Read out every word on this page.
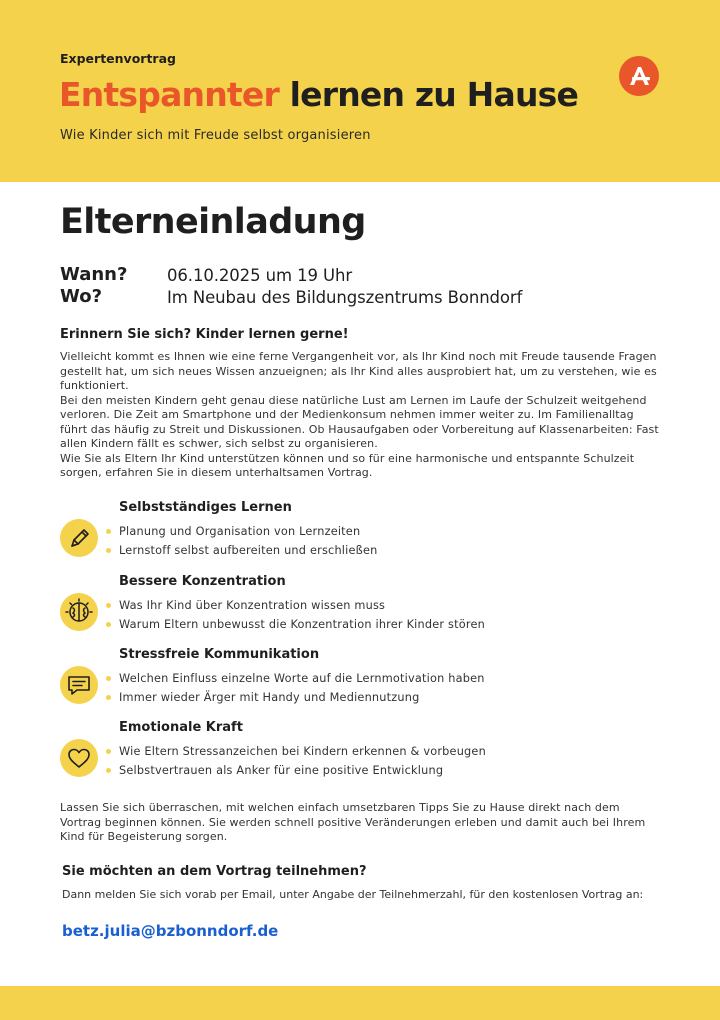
Expertenvortrag
Entspannter lernen zu Hause
Wie Kinder sich mit Freude selbst organisieren
Elterneinladung
Wann? 06.10.2025 um 19 Uhr
Wo?	Im Neubau des Bildungszentrums Bonndorf
Erinnern Sie sich? Kinder lernen gerne!

Vielleicht kommt es Ihnen wie eine ferne Vergangenheit vor, als Ihr Kind noch mit Freude tausende Fragen gestellt hat, um sich neues Wissen anzueignen; als Ihr Kind alles ausprobiert hat, um zu verstehen, wie es funktioniert.

Bei den meisten Kindern geht genau diese natürliche Lust am Lernen im Laufe der Schulzeit weitgehend verloren. Die Zeit am Smartphone und der Medienkonsum nehmen immer weiter zu. Im Familienalltag führt das häufig zu Streit und Diskussionen. Ob Hausaufgaben oder Vorbereitung auf Klassenarbeiten: Fast allen Kindern fällt es schwer, sich selbst zu organisieren.

Wie Sie als Eltern Ihr Kind unterstützen können und so für eine harmonische und entspannte Schulzeit sorgen, erfahren Sie in diesem unterhaltsamen Vortrag.

Selbstständiges Lernen
Planung und Organisation von Lernzeiten
Lernstoff selbst aufbereiten und erschließen
Bessere Konzentration
Was Ihr Kind über Konzentration wissen muss
Warum Eltern unbewusst die Konzentration ihrer Kinder stören
Stressfreie Kommunikation
Welchen Einfluss einzelne Worte auf die Lernmotivation haben
Immer wieder Ärger mit Handy und Mediennutzung
Emotionale Kraft
Wie Eltern Stressanzeichen bei Kindern erkennen & vorbeugen
Selbstvertrauen als Anker für eine positive Entwicklung
Lassen Sie sich überraschen, mit welchen einfach umsetzbaren Tipps Sie zu Hause direkt nach dem Vortrag beginnen können. Sie werden schnell positive Veränderungen erleben und damit auch bei Ihrem Kind für Begeisterung sorgen.
Sie möchten an dem Vortrag teilnehmen?
Dann melden Sie sich vorab per Email, unter Angabe der Teilnehmerzahl, für den kostenlosen Vortrag an:
betz.julia@bzbonndorf.de
